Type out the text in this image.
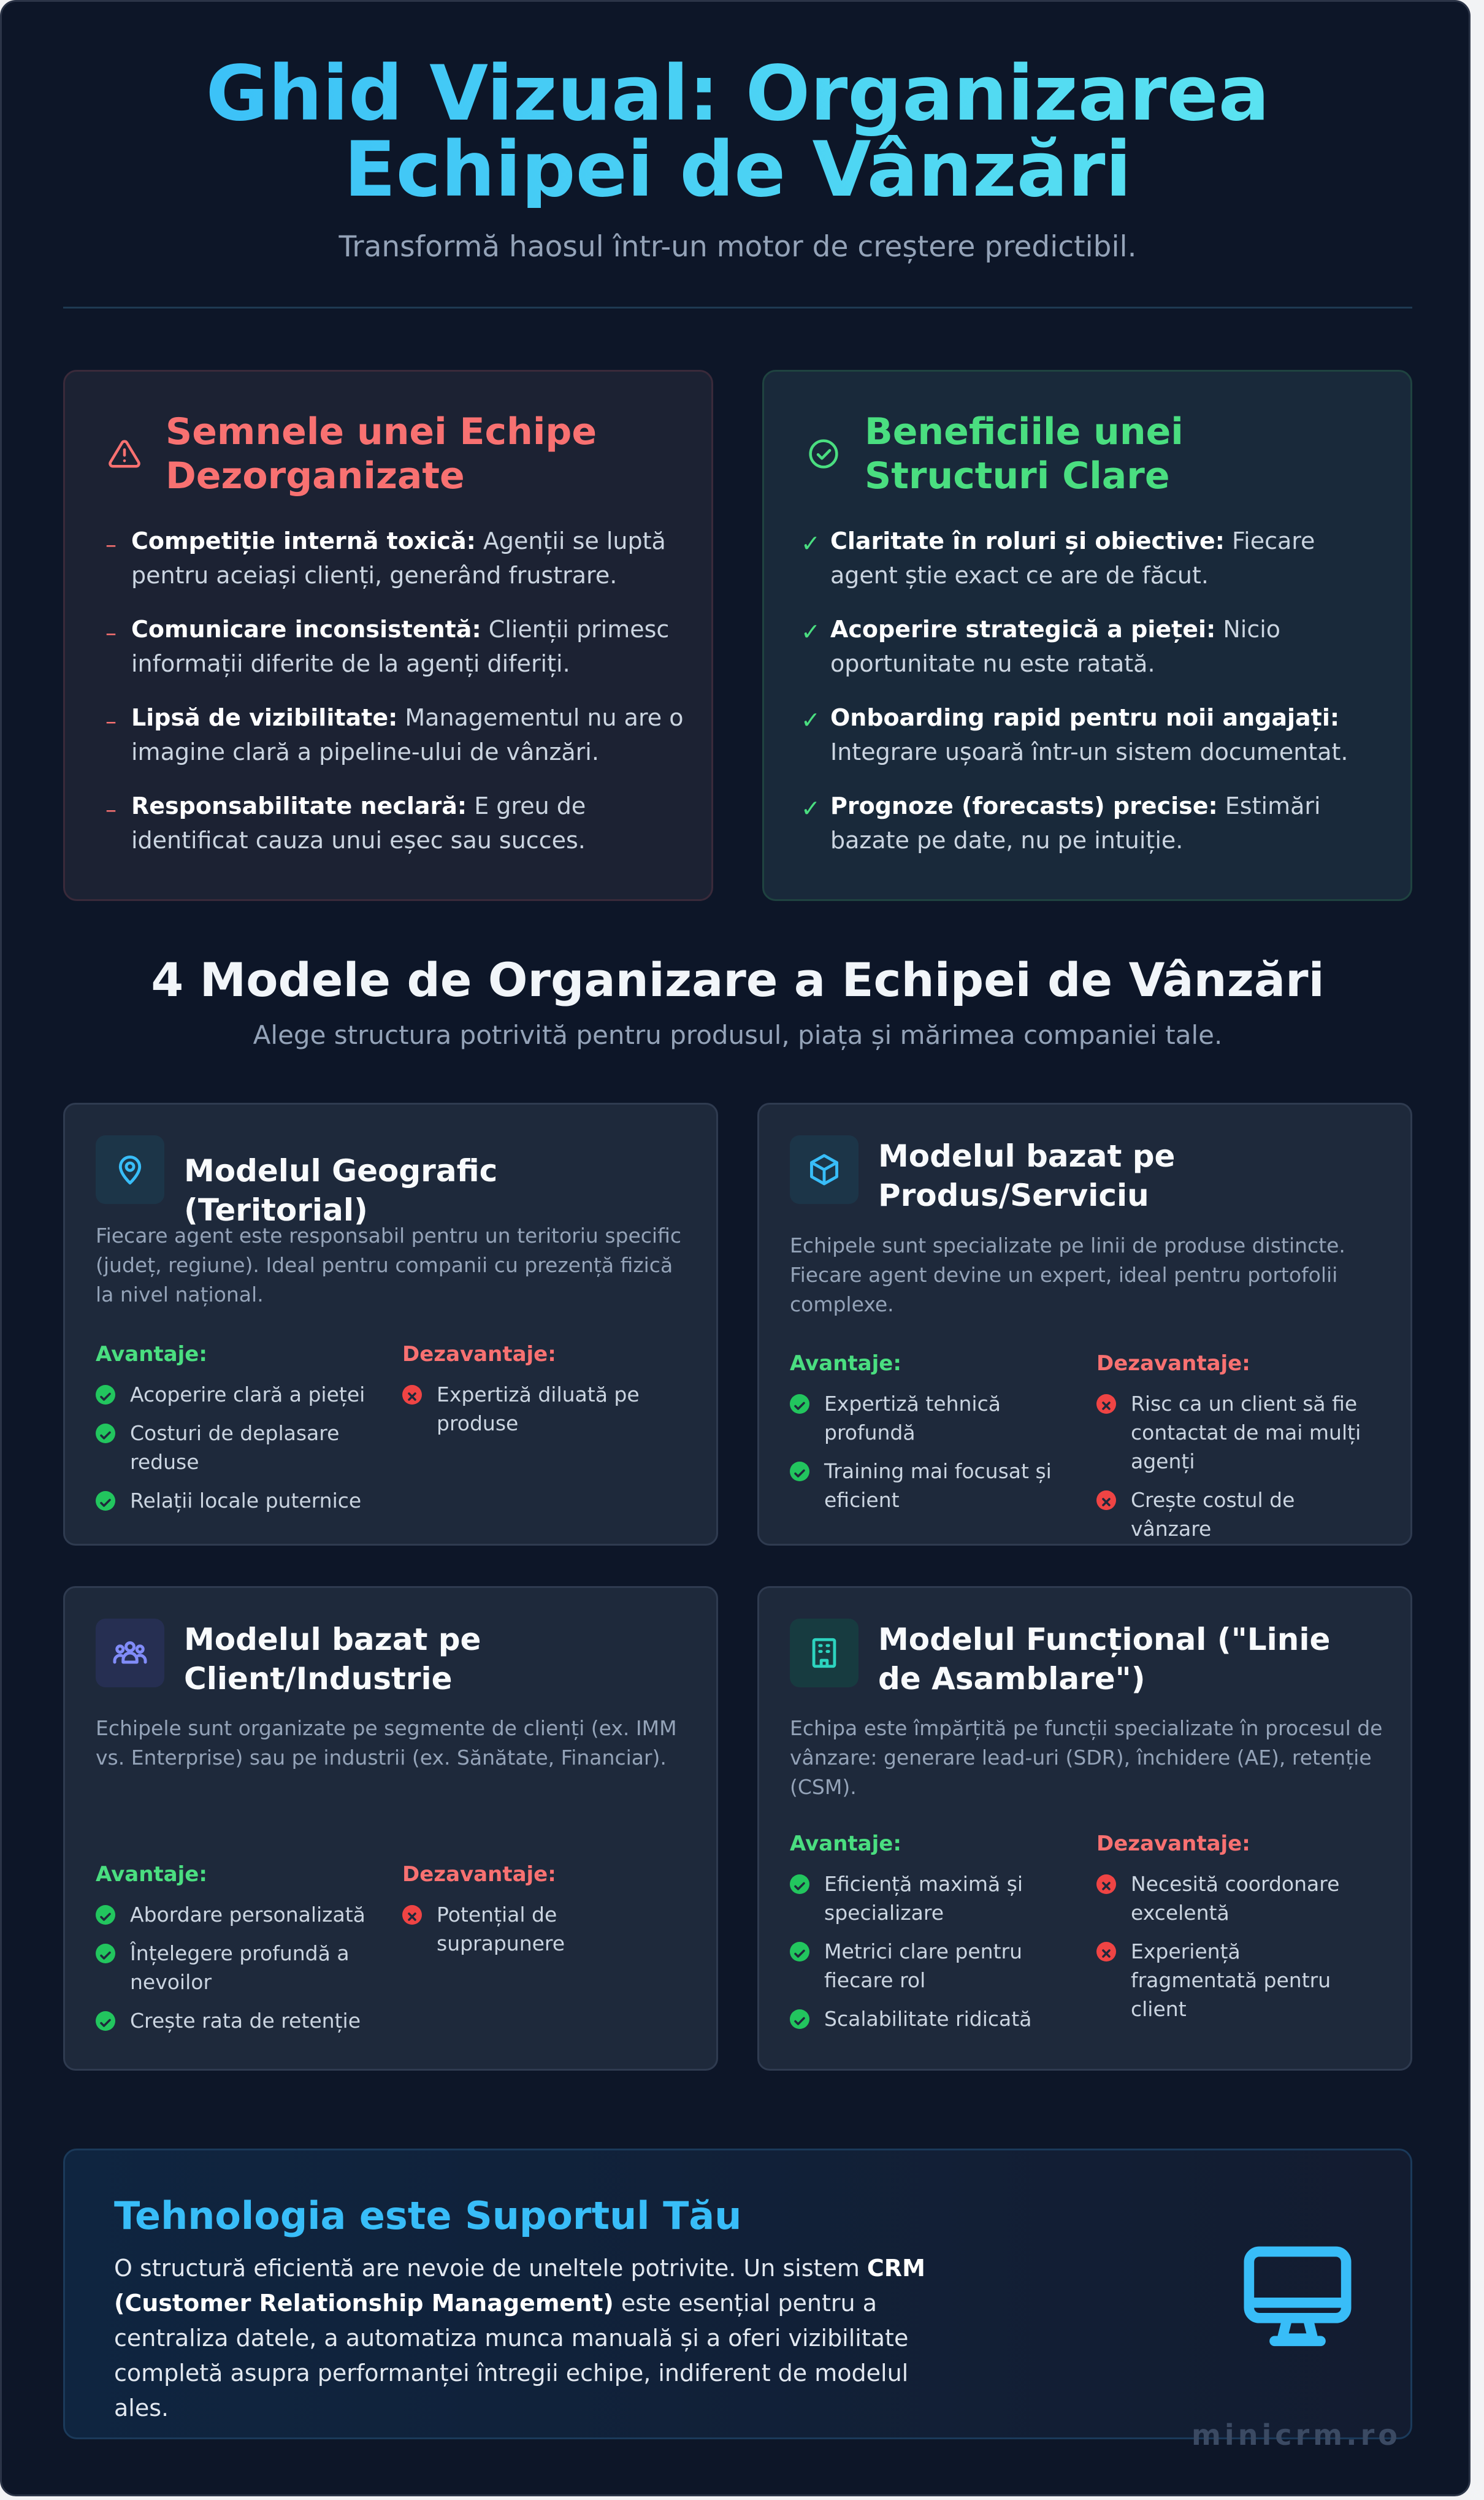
Ghid Vizual: Organizarea
Echipei de Vânzări
Transformă haosul într-un motor de creștere predictibil.
Semnele unei Echipe Dezorganizate
– Competiție internă toxică: Agenții se luptă pentru aceiași clienți, generând frustrare.
– Comunicare inconsistentă: Clienții primesc informații diferite de la agenți diferiți.
– Lipsă de vizibilitate: Managementul nu are o imagine clară a pipeline-ului de vânzări.
– Responsabilitate neclară: E greu de identificat cauza unui eșec sau succes.
Beneficiile unei Structuri Clare
✓ Claritate în roluri și obiective: Fiecare agent știe exact ce are de făcut.
✓ Acoperire strategică a pieței: Nicio oportunitate nu este ratată.
✓ Onboarding rapid pentru noii angajați: Integrare ușoară într-un sistem documentat.
✓ Prognoze (forecasts) precise: Estimări bazate pe date, nu pe intuiție.
4 Modele de Organizare a Echipei de Vânzări
Alege structura potrivită pentru produsul, piața și mărimea companiei tale.
Modelul Geografic (Teritorial)
Fiecare agent este responsabil pentru un teritoriu specific (județ, regiune). Ideal pentru companii cu prezență fizică la nivel național.
Avantaje:
Acoperire clară a pieței
Costuri de deplasare reduse
Relații locale puternice
Dezavantaje:
Expertiză diluată pe produse
Modelul bazat pe Produs/Serviciu
Echipele sunt specializate pe linii de produse distincte. Fiecare agent devine un expert, ideal pentru portofolii complexe.
Avantaje:
Expertiză tehnică profundă
Training mai focusat și eficient
Dezavantaje:
Risc ca un client să fie contactat de mai mulți agenți
Crește costul de vânzare
Modelul bazat pe Client/Industrie
Echipele sunt organizate pe segmente de clienți (ex. IMM vs. Enterprise) sau pe industrii (ex. Sănătate, Financiar).
Avantaje:
Abordare personalizată
Înțelegere profundă a nevoilor
Crește rata de retenție
Dezavantaje:
Potențial de suprapunere
Modelul Funcțional ("Linie de Asamblare")
Echipa este împărțită pe funcții specializate în procesul de vânzare: generare lead-uri (SDR), închidere (AE), retenție (CSM).
Avantaje:
Eficiență maximă și specializare
Metrici clare pentru fiecare rol
Scalabilitate ridicată
Dezavantaje:
Necesită coordonare excelentă
Experiență fragmentată pentru client
Tehnologia este Suportul Tău

O structură eficientă are nevoie de uneltele potrivite. Un sistem CRM (Customer Relationship Management) este esențial pentru a centraliza datele, a automatiza munca manuală și a oferi vizibilitate completă asupra performanței întregii echipe, indiferent de modelul ales.

minicrm.ro
